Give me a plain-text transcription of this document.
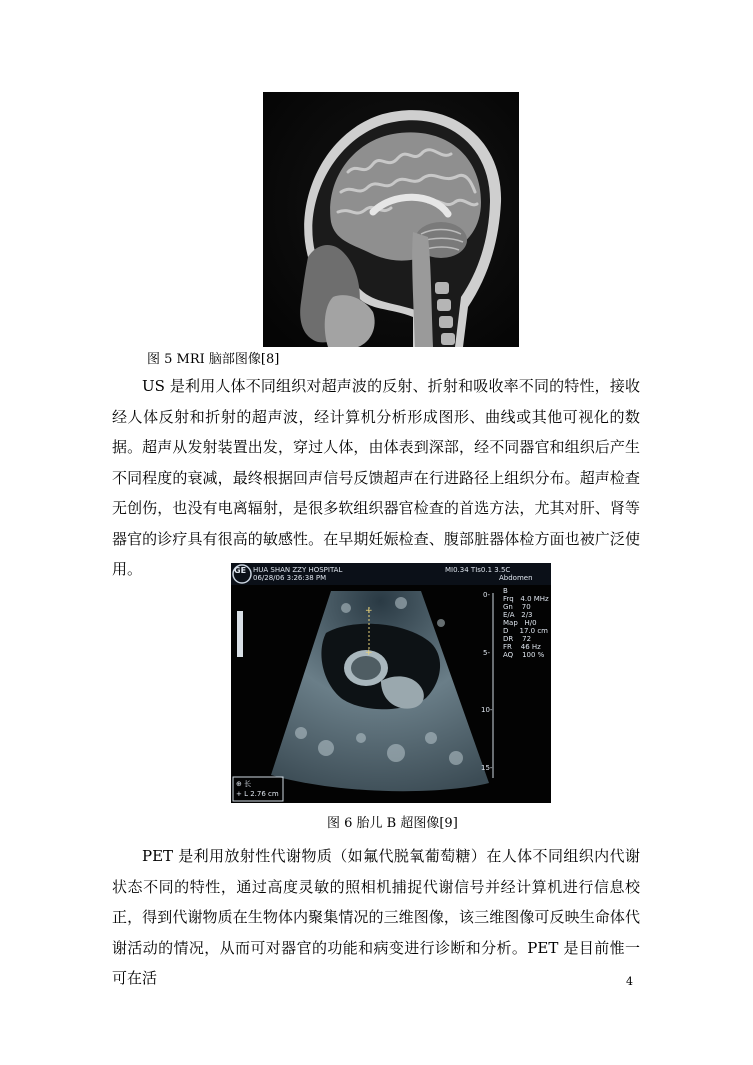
图 5 MRI 脑部图像[8]
US 是利用人体不同组织对超声波的反射、折射和吸收率不同的特性，接收经人体反射和折射的超声波，经计算机分析形成图形、曲线或其他可视化的数据。超声从发射装置出发，穿过人体，由体表到深部，经不同器官和组织后产生不同程度的衰减，最终根据回声信号反馈超声在行进路径上组织分布。超声检查无创伤，也没有电离辐射，是很多软组织器官检查的首选方法，尤其对肝、肾等器官的诊疗具有很高的敏感性。在早期妊娠检查、腹部脏器体检方面也被广泛使用。
+
+
GE HUA SHAN ZZY HOSPITAL
06/28/06 3:26:38 PM
MI0.34 TIs0.1 3.5C
Abdomen
B
Frq   4.0 MHz
Gn    70
E/A   2/3
Map   H/0
D     17.0 cm
DR    72
FR    46 Hz
AQ    100 %
0-
5-
10-
15-
⊕ 长
+ L 2.76 cm
图 6 胎儿 B 超图像[9]
PET 是利用放射性代谢物质（如氟代脱氧葡萄糖）在人体不同组织内代谢状态不同的特性，通过高度灵敏的照相机捕捉代谢信号并经计算机进行信息校正，得到代谢物质在生物体内聚集情况的三维图像，该三维图像可反映生命体代谢活动的情况，从而可对器官的功能和病变进行诊断和分析。PET 是目前惟一可在活	4
